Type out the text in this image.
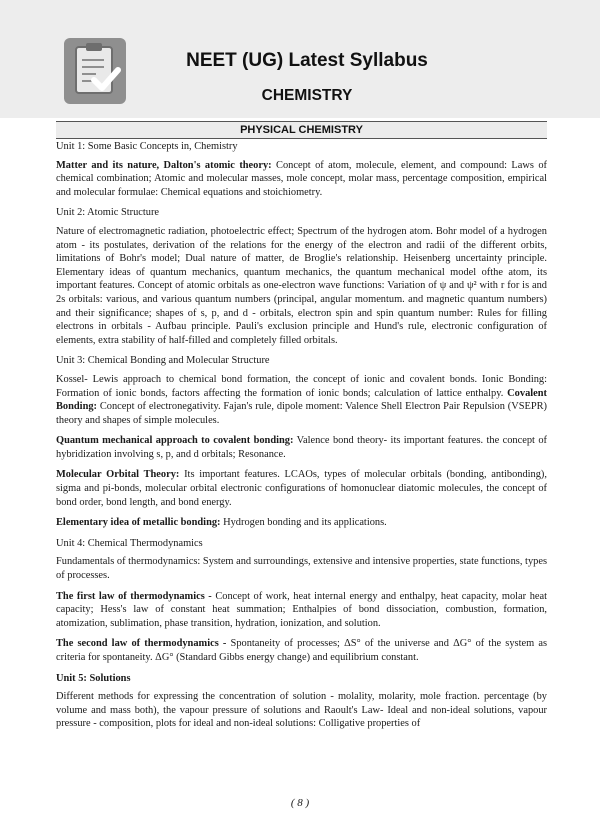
NEET (UG) Latest Syllabus
CHEMISTRY
PHYSICAL CHEMISTRY

Unit 1: Some Basic Concepts in, Chemistry

Matter and its nature, Dalton's atomic theory: Concept of atom, molecule, element, and compound: Laws of chemical combination; Atomic and molecular masses, mole concept, molar mass, percentage composition, empirical and molecular formulae: Chemical equations and stoichiometry.

Unit 2: Atomic Structure

Nature of electromagnetic radiation, photoelectric effect; Spectrum of the hydrogen atom. Bohr model of a hydrogen atom - its postulates, derivation of the relations for the energy of the electron and radii of the different orbits, limitations of Bohr's model; Dual nature of matter, de Broglie's relationship. Heisenberg uncertainty principle. Elementary ideas of quantum mechanics, quantum mechanics, the quantum mechanical model ofthe atom, its important features. Concept of atomic orbitals as one-electron wave functions: Variation of ψ and ψ² with r for is and 2s orbitals: various, and various quantum numbers (principal, angular momentum. and magnetic quantum numbers) and their significance; shapes of s, p, and d - orbitals, electron spin and spin quantum number: Rules for filling electrons in orbitals - Aufbau principle. Pauli's exclusion principle and Hund's rule, electronic configuration of elements, extra stability of half-filled and completely filled orbitals.

Unit 3: Chemical Bonding and Molecular Structure

Kossel- Lewis approach to chemical bond formation, the concept of ionic and covalent bonds. Ionic Bonding: Formation of ionic bonds, factors affecting the formation of ionic bonds; calculation of lattice enthalpy. Covalent Bonding: Concept of electronegativity. Fajan's rule, dipole moment: Valence Shell Electron Pair Repulsion (VSEPR) theory and shapes of simple molecules.

Quantum mechanical approach to covalent bonding: Valence bond theory- its important features. the concept of hybridization involving s, p, and d orbitals; Resonance.

Molecular Orbital Theory: Its important features. LCAOs, types of molecular orbitals (bonding, antibonding), sigma and pi-bonds, molecular orbital electronic configurations of homonuclear diatomic molecules, the concept of bond order, bond length, and bond energy.

Elementary idea of metallic bonding: Hydrogen bonding and its applications.

Unit 4: Chemical Thermodynamics

Fundamentals of thermodynamics: System and surroundings, extensive and intensive properties, state functions, types of processes.

The first law of thermodynamics - Concept of work, heat internal energy and enthalpy, heat capacity, molar heat capacity; Hess's law of constant heat summation; Enthalpies of bond dissociation, combustion, formation, atomization, sublimation, phase transition, hydration, ionization, and solution.

The second law of thermodynamics - Spontaneity of processes; ΔS° of the universe and ΔG° of the system as criteria for spontaneity. ΔG° (Standard Gibbs energy change) and equilibrium constant.

Unit 5: Solutions

Different methods for expressing the concentration of solution - molality, molarity, mole fraction. percentage (by volume and mass both), the vapour pressure of solutions and Raoult's Law- Ideal and non-ideal solutions, vapour pressure - composition, plots for ideal and non-ideal solutions: Colligative properties of

( 8 )
